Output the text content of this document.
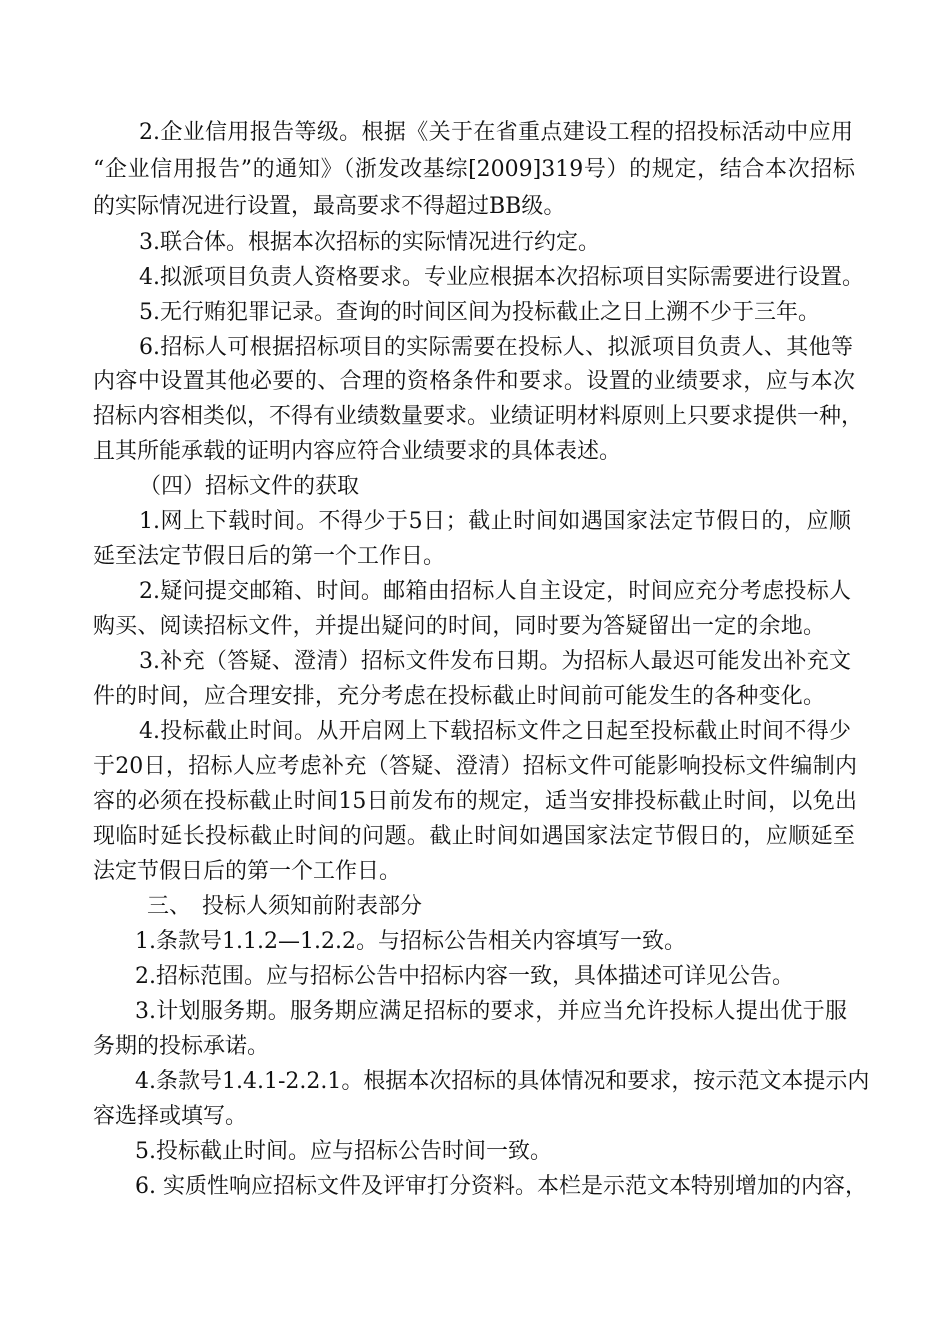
2.企业信用报告等级。根据《关于在省重点建设工程的招投标活动中应用
“企业信用报告”的通知》（浙发改基综[2009]319号）的规定，结合本次招标
的实际情况进行设置，最高要求不得超过BB级。
3.联合体。根据本次招标的实际情况进行约定。
4.拟派项目负责人资格要求。专业应根据本次招标项目实际需要进行设置。
5.无行贿犯罪记录。查询的时间区间为投标截止之日上溯不少于三年。
6.招标人可根据招标项目的实际需要在投标人、拟派项目负责人、其他等
内容中设置其他必要的、合理的资格条件和要求。设置的业绩要求，应与本次
招标内容相类似，不得有业绩数量要求。业绩证明材料原则上只要求提供一种，
且其所能承载的证明内容应符合业绩要求的具体表述。
（四）招标文件的获取
1.网上下载时间。不得少于5日；截止时间如遇国家法定节假日的，应顺
延至法定节假日后的第一个工作日。
2.疑问提交邮箱、时间。邮箱由招标人自主设定，时间应充分考虑投标人
购买、阅读招标文件，并提出疑问的时间，同时要为答疑留出一定的余地。
3.补充（答疑、澄清）招标文件发布日期。为招标人最迟可能发出补充文
件的时间，应合理安排，充分考虑在投标截止时间前可能发生的各种变化。
4.投标截止时间。从开启网上下载招标文件之日起至投标截止时间不得少
于20日，招标人应考虑补充（答疑、澄清）招标文件可能影响投标文件编制内
容的必须在投标截止时间15日前发布的规定，适当安排投标截止时间，以免出
现临时延长投标截止时间的问题。截止时间如遇国家法定节假日的，应顺延至
法定节假日后的第一个工作日。
三、　投标人须知前附表部分
1.条款号1.1.2—1.2.2。与招标公告相关内容填写一致。
2.招标范围。应与招标公告中招标内容一致，具体描述可详见公告。
3.计划服务期。服务期应满足招标的要求，并应当允许投标人提出优于服
务期的投标承诺。
4.条款号1.4.1-2.2.1。根据本次招标的具体情况和要求，按示范文本提示内
容选择或填写。
5.投标截止时间。应与招标公告时间一致。
6. 实质性响应招标文件及评审打分资料。本栏是示范文本特别增加的内容，
